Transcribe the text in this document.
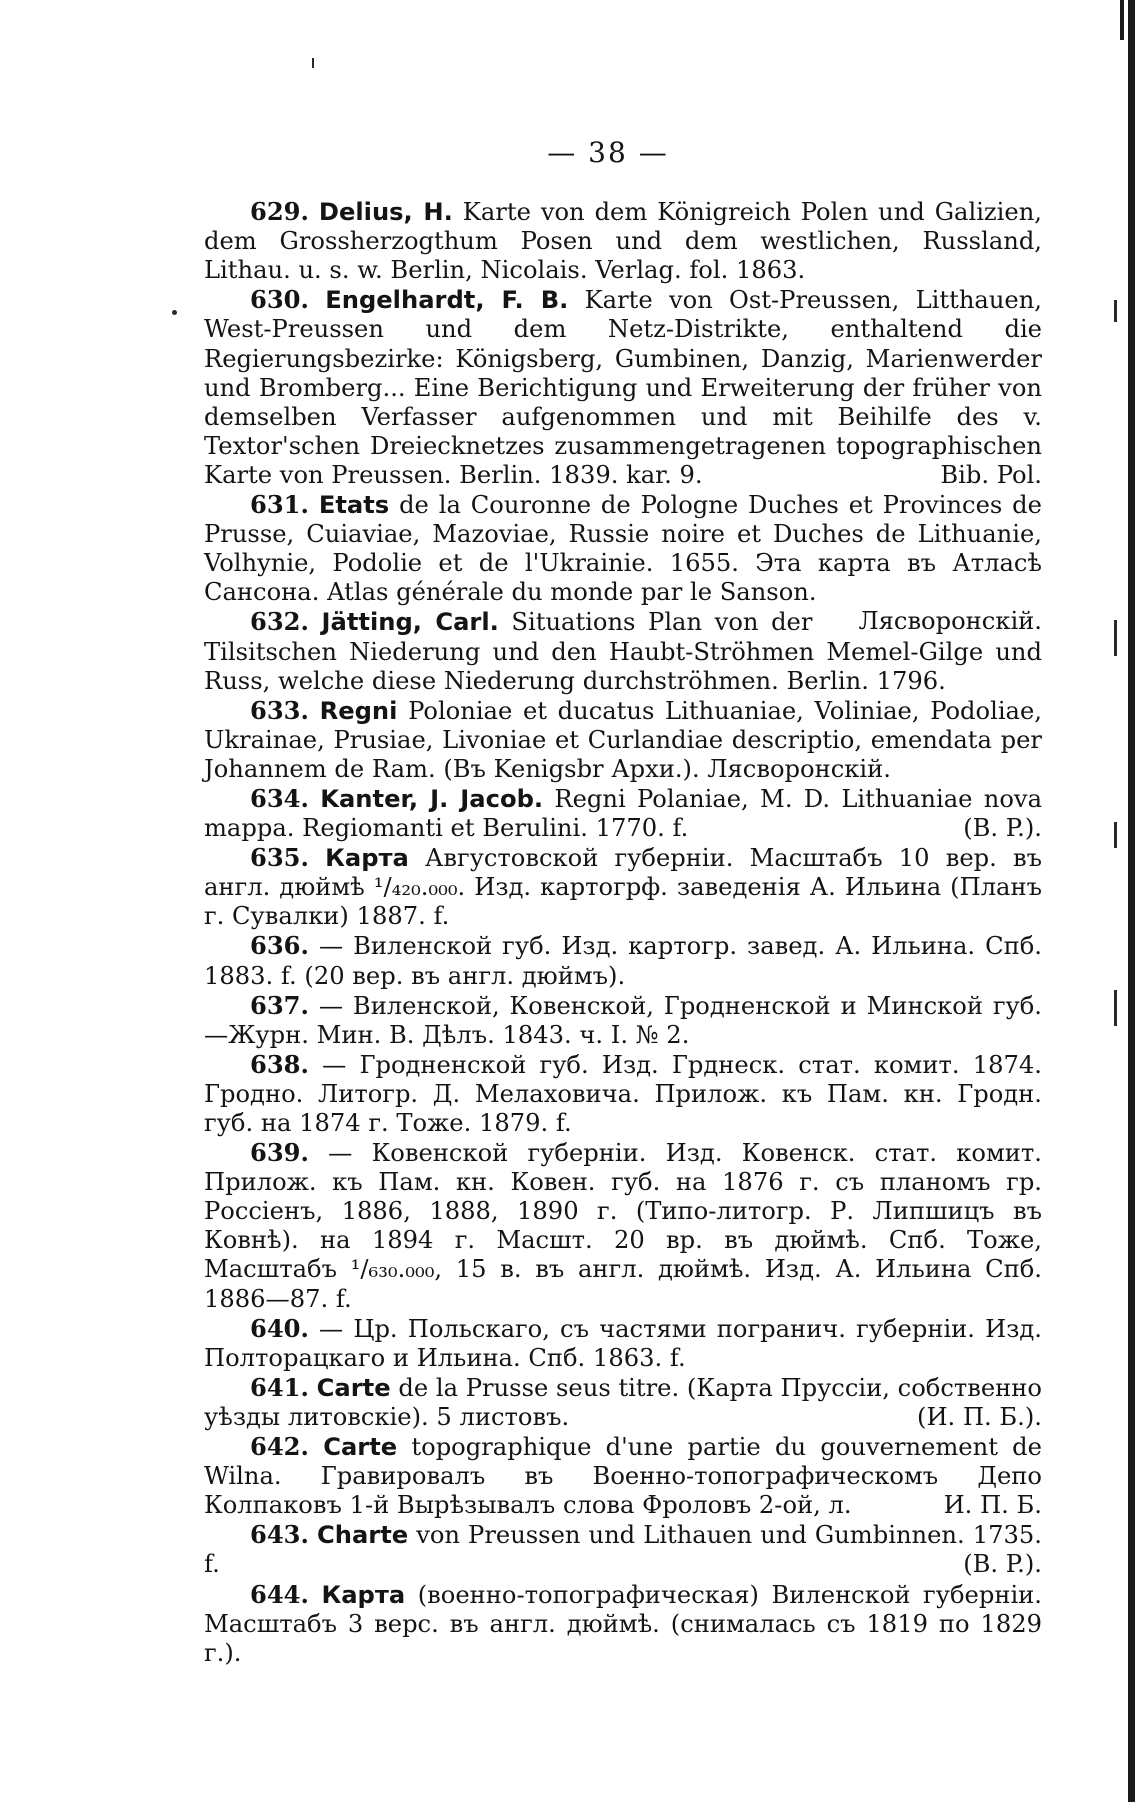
— 38 —

629. Delius, H. Karte von dem Königreich Polen und Galizien, dem Grossherzogthum Posen und dem westlichen, Russland, Lithau. u. s. w. Berlin, Nicolais. Verlag. fol. 1863.

630. Engelhardt, F. B. Karte von Ost-Preussen, Litthauen, West-Preussen und dem Netz-Distrikte, enthaltend die Regierungsbezirke: Königsberg, Gumbinen, Danzig, Marienwerder und Bromberg... Eine Berichtigung und Erweiterung der früher von demselben Verfasser aufgenommen und mit Beihilfe des v. Textor'schen Dreiecknetzes zusammengetragenen topographischen Karte von Preussen. Berlin. 1839. kar. 9.	Bib. Pol.

631. Etats de la Couronne de Pologne Duches et Provinces de Prusse, Cuiaviae, Mazoviae, Russie noire et Duches de Lithuanie, Volhynie, Podolie et de l'Ukrainie. 1655. Эта карта въ Атласѣ Сансона. Atlas générale du monde par le Sanson.
Лясворонскій.

632. Jätting, Carl. Situations Plan von der Tilsitschen Niederung und den Haubt-Ströhmen Memel-Gilge und Russ, welche diese Niederung durchströhmen. Berlin. 1796.

633. Regni Poloniae et ducatus Lithuaniae, Voliniae, Podoliae, Ukrainae, Prusiae, Livoniae et Curlandiae descriptio, emendata per Johannem de Ram. (Въ Kenigsbr Архи.). Лясворонскій.

634. Kanter, J. Jacob. Regni Polaniae, M. D. Lithuaniae nova mappa. Regiomanti et Berulini. 1770. f.	(B. P.).

635. Карта Августовской губерніи. Масштабъ 10 вер. въ англ. дюймѣ ¹/₄₂₀.₀₀₀. Изд. картогрф. заведенія А. Ильина (Планъ г. Сувалки) 1887. f.

636. — Виленской губ. Изд. картогр. завед. А. Ильина. Спб. 1883. f. (20 вер. въ англ. дюймъ).

637. — Виленской, Ковенской, Гродненской и Минской губ. —Журн. Мин. В. Дѣлъ. 1843. ч. I. № 2.

638. — Гродненской губ. Изд. Грднеск. стат. комит. 1874. Гродно. Литогр. Д. Мелаховича. Прилож. къ Пам. кн. Гродн. губ. на 1874 г. Тоже. 1879. f.

639. — Ковенской губерніи. Изд. Ковенск. стат. комит. Прилож. къ Пам. кн. Ковен. губ. на 1876 г. съ планомъ гр. Россіенъ, 1886, 1888, 1890 г. (Типо-литогр. Р. Липшицъ въ Ковнѣ). на 1894 г. Масшт. 20 вр. въ дюймѣ. Спб. Тоже, Масштабъ ¹/₆₃₀.₀₀₀, 15 в. въ англ. дюймѣ. Изд. А. Ильина Спб. 1886—87. f.

640. — Цр. Польскаго, съ частями погранич. губерніи. Изд. Полторацкаго и Ильина. Спб. 1863. f.

641. Carte de la Prusse seus titre. (Карта Пруссіи, собственно уѣзды литовскіе). 5 листовъ.	(И. П. Б.).

642. Carte topographique d'une partie du gouvernement de Wilna. Гравировалъ въ Военно-топографическомъ Депо Колпаковъ 1-й Вырѣзывалъ слова Фроловъ 2-ой, л.	И. П. Б.

643. Charte von Preussen und Lithauen und Gumbinnen. 1735. f.	(B. P.).

644. Карта (военно-топографическая) Виленской губерніи. Масштабъ 3 верс. въ англ. дюймѣ. (снималась съ 1819 по 1829 г.).
